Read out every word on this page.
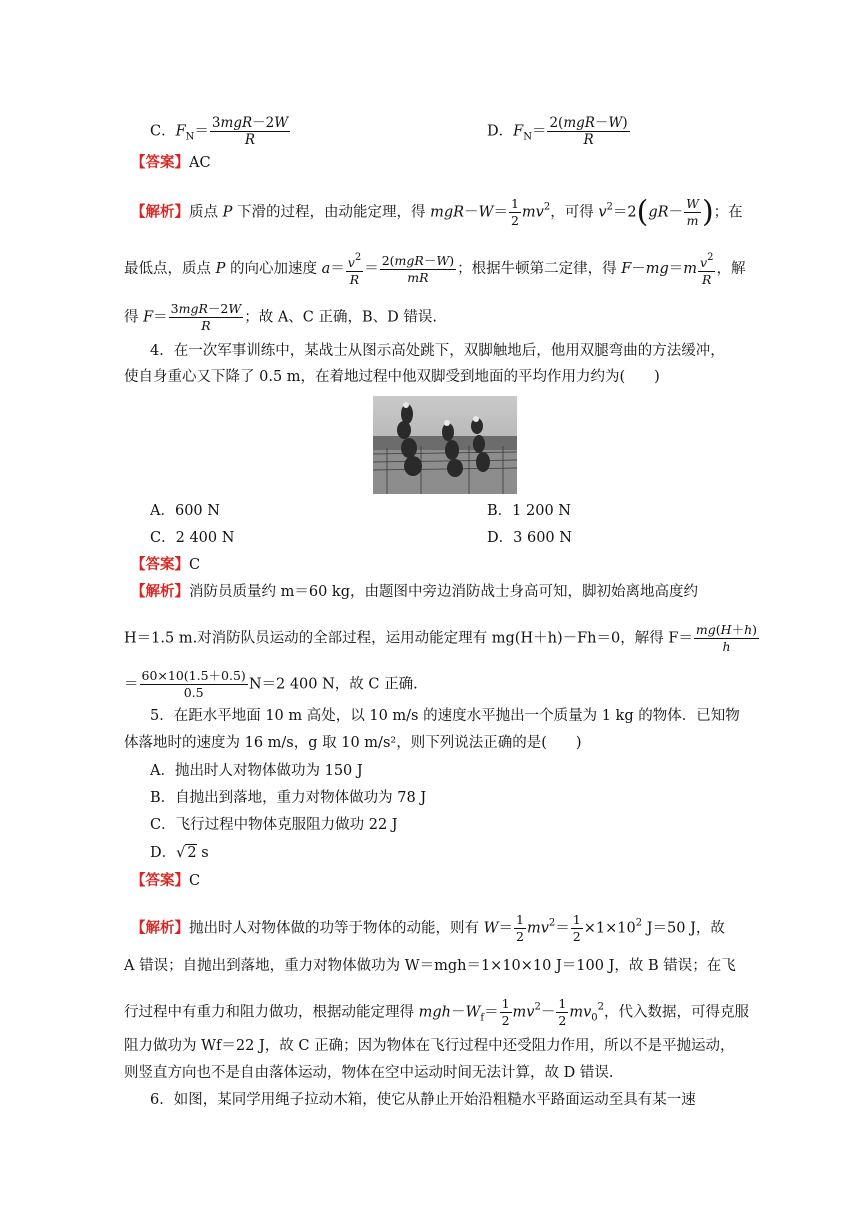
C．$F_N= \frac{\text{3mgR－2W}}{R}$	D．$F_N= \frac{\text{2(mgR－W)}}{R}$
【答案】AC
【解析】质点 P 下滑的过程，由动能定理，得 $mgR-W= \frac{1}{2} mv^2$，可得 $v^2=2(gR- \frac{W}{m}$ )；在
最低点，质点 P 的向心加速度 $a= \frac{v^2}{R} = \frac{\text{2(mgR－W)}}{mR}$ ；根据牛顿第二定律，得 $F-mg=m \frac{v^2}{R}$ ，解
得 $F= \frac{\text{3mgR－2W}}{R}$ ；故 A、C 正确，B、D 错误.
4．在一次军事训练中，某战士从图示高处跳下，双脚触地后，他用双腿弯曲的方法缓冲，
使自身重心又下降了 0.5 m，在着地过程中他双脚受到地面的平均作用力约为(　　)
A．600 N	B．1 200 N
C．2 400 N	D．3 600 N
【答案】C
【解析】消防员质量约 m＝60 kg，由题图中旁边消防战士身高可知，脚初始离地高度约
H＝1.5 m.对消防队员运动的全部过程，运用动能定理有 mg(H＋h)－Fh＝0，解得 $F= \frac{mg(H+h)}{h}$
＝ $\frac{60\times 10(1.5+0.5)}{0.5} N=2$ 400 N，故 C 正确.
5．在距水平地面 10 m 高处，以 10 m/s 的速度水平抛出一个质量为 1 kg 的物体．已知物
体落地时的速度为 16 m/s，g 取 10 m/s²，则下列说法正确的是(　　)
A．抛出时人对物体做功为 150 J
B．自抛出到落地，重力对物体做功为 78 J
C．飞行过程中物体克服阻力做功 22 J
D．√ 2 s
【答案】C
【解析】抛出时人对物体做的功等于物体的动能，则有 $W= \frac{1}{2} mv^2= \frac{1}{2} \times 1\times 10^2$ J＝50 J，故
A 错误；自抛出到落地，重力对物体做功为 W＝mgh＝1×10×10 J＝100 J，故 B 错误；在飞
行过程中有重力和阻力做功，根据动能定理得 $mgh-W_f= \frac{1}{2} mv^2- \frac{1}{2} mv_0^2$，代入数据，可得克服
阻力做功为 Wf＝22 J，故 C 正确；因为物体在飞行过程中还受阻力作用，所以不是平抛运动，
则竖直方向也不是自由落体运动，物体在空中运动时间无法计算，故 D 错误.
6．如图，某同学用绳子拉动木箱，使它从静止开始沿粗糙水平路面运动至具有某一速
